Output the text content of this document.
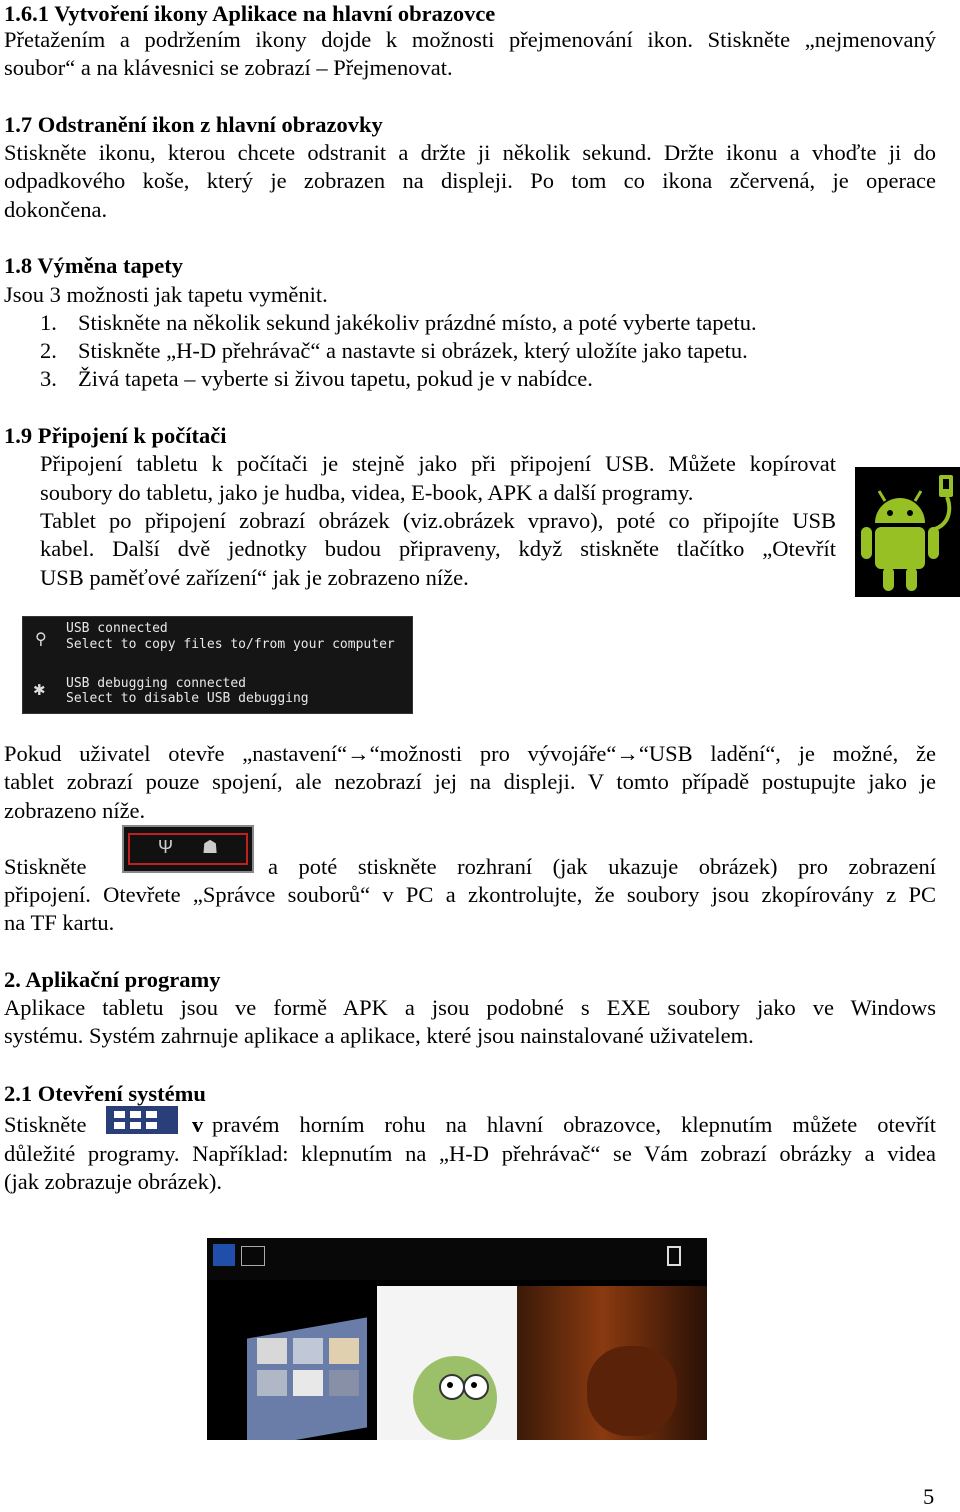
1.6.1 Vytvoření ikony Aplikace na hlavní obrazovce
Přetažením a podržením ikony dojde k možnosti přejmenování ikon. Stiskněte „nejmenovaný
soubor“ a na klávesnici se zobrazí – Přejmenovat.
1.7 Odstranění ikon z hlavní obrazovky
Stiskněte ikonu, kterou chcete odstranit a držte ji několik sekund. Držte ikonu a vhoďte ji do
odpadkového koše, který je zobrazen na displeji. Po tom co ikona zčervená, je operace
dokončena.
1.8 Výměna tapety
Jsou 3 možnosti jak tapetu vyměnit.
1. Stiskněte na několik sekund jakékoliv prázdné místo, a poté vyberte tapetu.
2. Stiskněte „H-D přehrávač“ a nastavte si obrázek, který uložíte jako tapetu.
3. Živá tapeta – vyberte si živou tapetu, pokud je v nabídce.
1.9 Připojení k počítači
Připojení tabletu k počítači je stejně jako při připojení USB. Můžete kopírovat
soubory do tabletu, jako je hudba, videa, E-book, APK a další programy.
Tablet po připojení zobrazí obrázek (viz.obrázek vpravo), poté co připojíte USB
kabel. Další dvě jednotky budou připraveny, když stiskněte tlačítko „Otevřít
USB paměťové zařízení“ jak je zobrazeno níže.
⚲
✱
USB connected
Select to copy files to/from your computer
USB debugging connected
Select to disable USB debugging
Pokud uživatel otevře „nastavení“→“možnosti pro vývojáře“→“USB ladění“, je možné, že
tablet zobrazí pouze spojení, ale nezobrazí jej na displeji. V tomto případě postupujte jako je
zobrazeno níže.
Stiskněte
Ψ ☗
a poté stiskněte rozhraní (jak ukazuje obrázek) pro zobrazení
připojení. Otevřete „Správce souborů“ v PC a zkontrolujte, že soubory jsou zkopírovány z PC
na TF kartu.
2. Aplikační programy
Aplikace tabletu jsou ve formě APK a jsou podobné s EXE soubory jako ve Windows
systému. Systém zahrnuje aplikace a aplikace, které jsou nainstalované uživatelem.
2.1 Otevření systému
Stiskněte	v pravém horním rohu na hlavní obrazovce, klepnutím můžete otevřít
důležité programy. Například: klepnutím na „H-D přehrávač“ se Vám zobrazí obrázky a videa
(jak zobrazuje obrázek).
5
